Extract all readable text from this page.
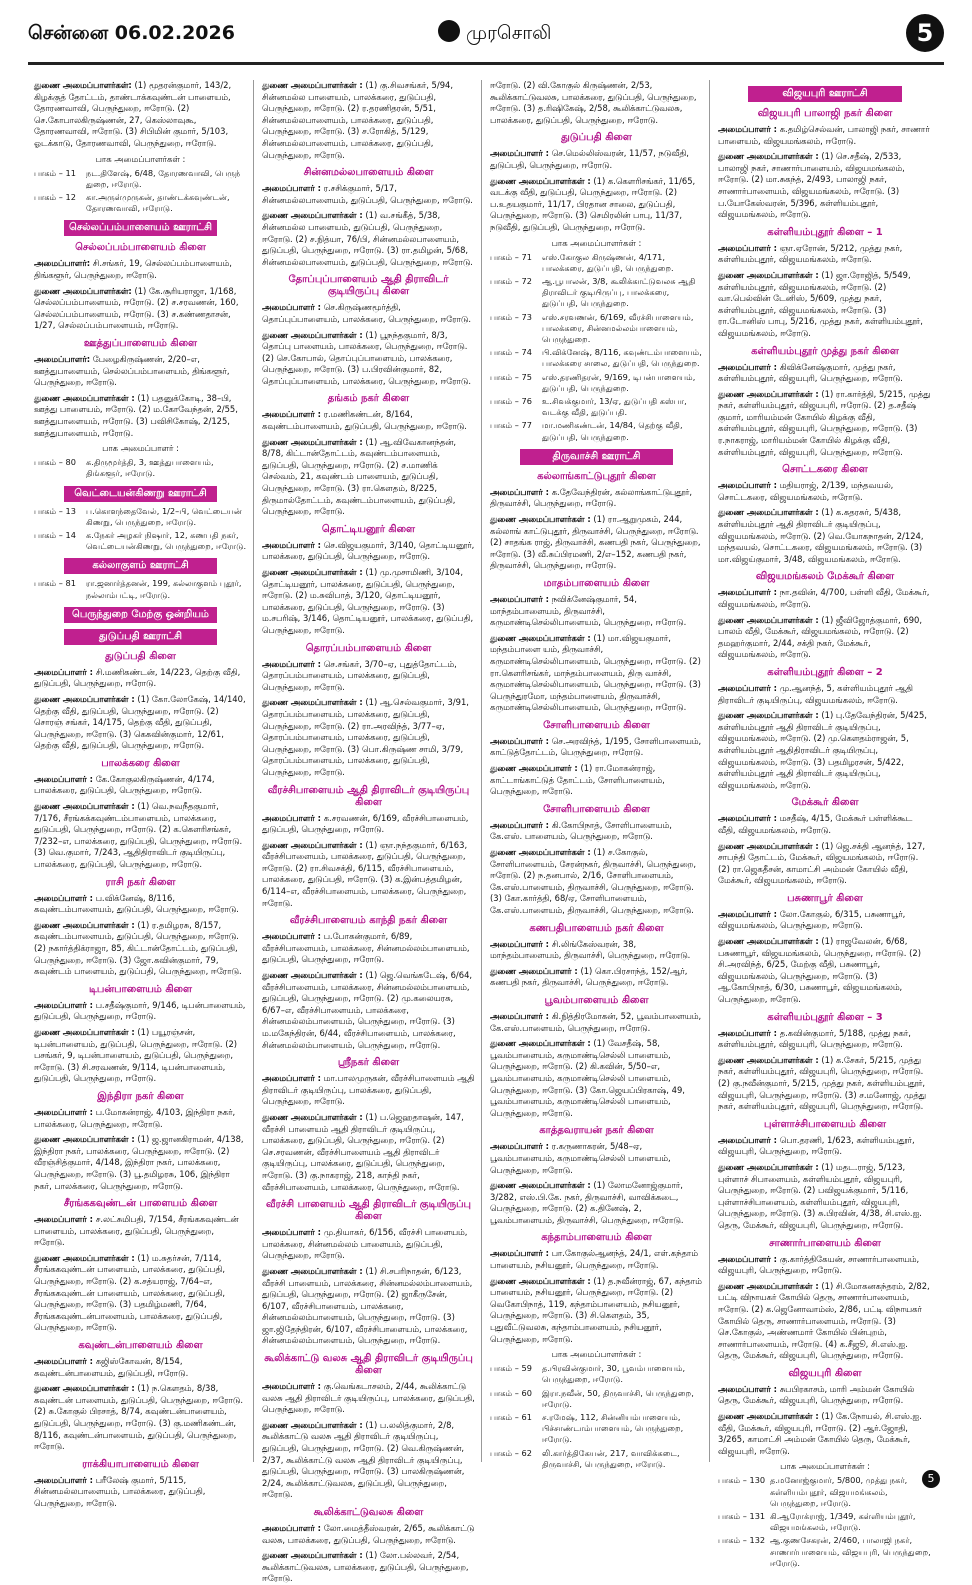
சென்னை 06.02.2026	முரசொலி	5
துணை அமைப்பாளர்கள்: (1) மூதரன்குமார், 143/2, கிழக்குத் தோட்டம், தாண்டாக்கவுண்டன் பாளையம், தோரணவாவி, பெருந்துறை, ஈரோடு. (2) செ.கோபாலகிருஷ்ணன், 27, கெஸ்லாவுகூ, தோரணவாவி, ஈரோடு. (3) சிபிமின் குமார், 5/103, ஓடக்காடு, தோரணவாவி, பெருந்துறை, ஈரோடு.
பாக அமைப்பாளர்கள் :
பாகம் – 11	நட.திளேஷ், 6/48, தோரணவாவி, பெருந் துறை, ஈரோடு.
பாகம் – 12	கா.அருள்முருகன், தாண்டக்கவுண்டன், தோரணவாவி, ஈரோடு.
செல்லப்பம்பாளையம் ஊராட்சி
செல்லப்பம்பாளையம் கிளை
அமைப்பாளர்: சி.சங்கர், 19, செல்லப்பம்பாளையம், திங்களூர், பெருந்துறை, ஈரோடு.
துணை அமைப்பாளர்கள்: (1) கே.சூரியராஜா, 1/168, செல்லப்பம்பாளையம், ஈரோடு. (2) ச.சரவணன், 160, செல்லப்பம்பாளையம், ஈரோடு. (3) ச.கண்ணதாசன், 1/27, செல்லப்பம்பாளையம், ஈரோடு.
ஊத்துப்பாளையம் கிளை
அமைப்பாளர்: பேழைகிருஷ்ணன், 2/20–எ, ஊத்துபாளையம், செல்லப்பம்பாளையம், திங்களூர், பெருந்துறை, ஈரோடு.
துணை அமைப்பாளர்கள் : (1) பதனுக்கோடி, 38–பி, ஊத்து பாளையம், ஈரோடு. (2) ம.கோவேந்தன், 2/55, ஊத்துபாளையம், ஈரோடு. (3) பவிசிகோஷ், 2/125, ஊத்துபாளையம், ஈரோடு.
பாக அமைப்பாளர் :
பாகம் – 80	க.திருமூர்த்தி, 3, ஊத்துபாளையம், திங்களூர், ஈரோடு.
வெட்டையன்கிணறு ஊராட்சி
பாகம் – 13	ப.கொளந்தைவேல், 1/2–பி, வெட்டையன் கிணறு, பெருந்துறை, ஈரோடு.
பாகம் – 14	க.நேகர் அழகர் நிஷார், 12, கணபதி நகர், வெட்டையன்கிணறு, பெருந்துறை, ஈரோடு.
கல்லாகுளம் ஊராட்சி
பாகம் – 81	ரா.ஜனார்த்தனன், 199, கல்லாகுளம் புதூர், நல்லாம்பட்டி, ஈரோடு.
பெருந்துறை மேற்கு ஒன்றியம்
துடுப்பதி ஊராட்சி
துடுப்பதி கிளை
அமைப்பாளர் : சி.மணிகண்டன், 14/223, தெற்கு வீதி, துடுப்பதி, பெருந்துறை, ஈரோடு.
துணை அமைப்பாளர்கள் : (1) கோ.லோகேஷ், 14/140, தெற்கு வீதி, துடுப்பதி, பெருந்துறை, ஈரோடு. (2) சொரஞ் சங்கர், 14/175, தெற்கு வீதி, துடுப்பதி, பெருந்துறை, ஈரோடு. (3) கெகவின்குமார், 12/61, தெற்கு வீதி, துடுப்பதி, பெருந்துறை, ஈரோடு.
பாலக்கரை கிளை
அமைப்பாளர் : கே.கோகுலகிருஷ்ணன், 4/174, பாலக்கரை, துடுப்பதி, பெருந்துறை, ஈரோடு.
துணை அமைப்பாளர்கள் : (1) வெ.நவநீதகுமார், 7/176, சீரங்கக்கவுண்டம்பாளையம், பாலக்கரை, துடுப்பதி, பெருந்துறை, ஈரோடு. (2) க.கௌரிசங்கர், 7/232–எ, பாலக்கரை, துடுப்பதி, பெருந்துறை, ஈரோடு. (3) வெ.குமார், 7/243, ஆதிதிராவிடர் குடியிருப்பு, பாலக்கரை, துடுப்பதி, பெருந்துறை, ஈரோடு.
ராசி நகர் கிளை
அமைப்பாளர் : ப.விக்னேஷ், 8/116, கவுண்டம்பாளையம், துடுப்பதி, பெருந்துறை, ஈரோடு.
துணை அமைப்பாளர்கள் : (1) ர.தமிழரசு, 8/157, கவுண்டம்பாளையம், துடுப்பதி, பெருந்துறை, ஈரோடு. (2) நகார்த்திக்ராஜா, 85, கிட்டான்தோட்டம், துடுப்பதி, பெருந்துறை, ஈரோடு. (3) ஜோ.கவின்குமார், 79, கவுண்டம் பாளையம், துடுப்பதி, பெருந்துறை, ஈரோடு.
டிபன்பாளையம் கிளை
அமைப்பாளர் : ப.சதீஷ்குமார், 9/146, டிபன்பாளையம், துடுப்பதி, பெருந்துறை, ஈரோடு.
துணை அமைப்பாளர்கள் : (1) பயூரஞ்சன், டிபன்பாளையம், துடுப்பதி, பெருந்துறை, ஈரோடு. (2) பசங்கர், 9, டிபன்பாளையம், துடுப்பதி, பெருந்துறை, ஈரோடு. (3) சி.சரவணன், 9/114, டிபன்பாளையம், துடுப்பதி, பெருந்துறை, ஈரோடு.
இந்திரா நகர் கிளை
அமைப்பாளர் : ப.மோகன்ராஜ், 4/103, இந்திரா நகர், பாலக்கரை, பெருந்துறை, ஈரோடு.
துணை அமைப்பாளர்கள் : (1) ஜ.ஜானகிராமன், 4/138, இந்திரா நகர், பாலக்கரை, பெருந்துறை, ஈரோடு. (2) வீரஞ்சித்குமார், 4/148, இந்திரா நகர், பாலக்கரை, பெருந்துறை, ஈரோடு. (3) பூ.தமிழரசு, 106, இந்திரா நகர், பாலக்கரை, பெருந்துறை, ஈரோடு.
சீரங்ககவுண்டன் பாளையம் கிளை
அமைப்பாளர் : ச.லட்சுமிபதி, 7/154, சீரங்ககவுண்டன் பாளையம், பாலக்கரை, துடுப்பதி, பெருந்துறை, ஈரோடு.
துணை அமைப்பாளர்கள் : (1) ம.சுதர்சன், 7/114, சீரங்ககவுண்டன் பாளையம், பாலக்கரை, துடுப்பதி, பெருந்துறை, ஈரோடு. (2) க.சத்யராஜ், 7/64–எ, சீரங்ககவுண்டன் பாளையம், பாலக்கரை, துடுப்பதி, பெருந்துறை, ஈரோடு. (3) பதமிழ்மணி, 7/64, சீரங்ககவுண்டன்பாளையம், பாலக்கரை, துடுப்பதி, பெருந்துறை, ஈரோடு.
கவுண்டன்பாளையம் கிளை
அமைப்பாளர் : கஜிஸ்கோவன், 8/154, கவுண்டன்பாளையம், துடுப்பதி, ஈரோடு.
துணை அமைப்பாளர்கள் : (1) ந.கௌதம், 8/38, கவுண்டன் பாளையம், துடுப்பதி, பெருந்துறை, ஈரோடு. (2) சு.கோகுல் பிரசாத், 8/74, கவுண்டன்பாளையம், துடுப்பதி, பெருந்துறை, ஈரோடு. (3) கு.மணிகண்டன், 8/116, கவுண்டன்பாளையம், துடுப்பதி, பெருந்துறை, ஈரோடு.
ராக்கியாபாளையம் கிளை
அமைப்பாளர் : பரீலேஷ் குமார், 5/115, சின்னமல்லபாளையம், பாலக்கரை, துடுப்பதி, பெருந்துறை, ஈரோடு.
துணை அமைப்பாளர்கள் : (1) கு.சிவசங்கர், 5/94, சின்னமல்ல பாளையம், பாலக்கரை, துடுப்பதி, பெருந்துறை, ஈரோடு. (2) ர.தரணிதரன், 5/51, சின்னமல்லபாளையம், பாலக்கரை, துடுப்பதி, பெருந்துறை, ஈரோடு. (3) ச.ரோகித், 5/129, சின்னமல்லபாளையம், பாலக்கரை, துடுப்பதி, பெருந்துறை, ஈரோடு.
சின்னமல்லபாளையம் கிளை
அமைப்பாளர் : ர.சசிக்குமார், 5/17, சின்னமல்லபாளையம், துடுப்பதி, பெருந்துறை, ஈரோடு.
துணை அமைப்பாளர்கள் : (1) வ.சங்கீத், 5/38, சின்னமல்ல பாளையம், துடுப்பதி, பெருந்துறை, ஈரோடு. (2) ச.நித்யா, 76/பி, சின்னமல்லபாளையம், துடுப்பதி, பெருந்துறை, ஈரோடு. (3) ரா.தமிழன், 5/68, சின்னமல்லபாளையம், துடுப்பதி, பெருந்துறை, ஈரோடு.
தோப்புப்பாளையம் ஆதி திராவிடர் குடியிருப்பு கிளை
அமைப்பாளர் : செ.கிருஷ்ணமூர்த்தி, தொப்புப்பாளையம், பாலக்கரை, பெருந்துறை, ஈரோடு.
துணை அமைப்பாளர்கள் : (1) பூநந்தகுமார், 8/3, தொப்பு பாளையம், பாலக்கரை, பெருந்துறை, ஈரோடு. (2) செ.கோபால், தொப்புப்பாளையம், பாலக்கரை, பெருந்துறை, ஈரோடு. (3) ப.பிரவின்குமார், 82, தொப்புப்பாளையம், பாலக்கரை, பெருந்துறை, ஈரோடு.
தங்கம் நகர் கிளை
அமைப்பாளர் : ர.மணிகண்டன், 8/164, கவுண்டம்பாளையம், துடுப்பதி, பெருந்துறை, ஈரோடு.
துணை அமைப்பாளர்கள் : (1) ஆ.விவேகானந்தன், 8/78, கிட்டான்தோட்டம், கவுண்டம்பாளையம், துடுப்பதி, பெருந்துறை, ஈரோடு. (2) ச.மாணிக் செல்வம், 21, கவுண்டம் பாளையம், துடுப்பதி, பெருந்துறை, ஈரோடு. (3) ரா.கௌதம், 8/225, திருமால்தோட்டம், கவுண்டம்பாளையம், துடுப்பதி, பெருந்துறை, ஈரோடு.
தொட்டியனூர் கிளை
அமைப்பாளர் : செ.விஜயகுமார், 3/140, தொட்டியனூர், பாலக்கரை, துடுப்பதி, பெருந்துறை, ஈரோடு.
துணை அமைப்பாளர்கள் : (1) மு.முசாமிணி, 3/104, தொட்டியனூர், பாலக்கரை, துடுப்பதி, பெருந்துறை, ஈரோடு. (2) ம.சுவிபாத், 3/120, தொட்டியனூர், பாலக்கரை, துடுப்பதி, பெருந்துறை, ஈரோடு. (3) ம.சபரிஷ், 3/146, தொட்டியனூர், பாலக்கரை, துடுப்பதி, பெருந்துறை, ஈரோடு.
தொரப்பம்பாளையம் கிளை
அமைப்பாளர் : செ.சங்கர், 3/70–ஏ, புதுத்தோட்டம், தொரப்பம்பாளையம், பாலக்கரை, துடுப்பதி, பெருந்துறை, ஈரோடு.
துணை அமைப்பாளர்கள் : (1) ஆ.செல்வகுமார், 3/91, தொரப்பம்பாளையம், பாலக்கரை, துடுப்பதி, பெருந்துறை, ஈரோடு. (2) ரா.அரவிந்த், 3/77–ஏ, தொரப்பம்பாளையம், பாலக்கரை, துடுப்பதி, பெருந்துறை, ஈரோடு. (3) பொ.கிருஷ்ண சாமி, 3/79, தொரப்பம்பாளையம், பாலக்கரை, துடுப்பதி, பெருந்துறை, ஈரோடு.
வீரச்சிபாளையம் ஆதி திராவிடர் குடியிருப்பு கிளை
அமைப்பாளர் : க.சரவணன், 6/169, வீரச்சிபாளையம், துடுப்பதி, பெருந்துறை, ஈரோடு.
துணை அமைப்பாளர்கள் : (1) ஞா.நந்தகுமார், 6/163, வீரச்சிபாளையம், பாலக்கரை, துடுப்பதி, பெருந்துறை, ஈரோடு. (2) ரா.சிவசக்தி, 6/115, வீரச்சிபாளையம், பாலக்கரை, துடுப்பதி, ஈரோடு. (3) க.இன்பத்தமிழன், 6/114–எ, வீரச்சிபாளையம், பாலக்கரை, பெருந்துறை, ஈரோடு.
வீரச்சிபாளையம் காந்தி நகர் கிளை
அமைப்பாளர் : ப.போகன்குமார், 6/89, வீரச்சிபாளையம், பாலக்கரை, சின்னமல்லம்பாளையம், துடுப்பதி, பெருந்துறை, ஈரோடு.
துணை அமைப்பாளர்கள் : (1) ஜெ.வெங்கடேஷ், 6/64, வீரச்சிபாளையம், பாலக்கரை, சின்னமல்லம்பாளையம், துடுப்பதி, பெருந்துறை, ஈரோடு. (2) மு.கலையரசு, 6/67–எ, வீரச்சிபாளையம், பாலக்கரை, சின்னமல்லம்பாளையம், பெருந்துறை, ஈரோடு. (3) ம.மகேந்திரன், 6/44, வீரச்சிபாளையம், பாலக்கரை, சின்னமல்லம்பாளையம், பெருந்துறை, ஈரோடு.
ஸ்ரீநகர் கிளை
அமைப்பாளர் : மா.பாலமுருகன், வீரச்சிபாளையம் ஆதி திராவிடர் குடியிருப்பு, பாலக்கரை, துடுப்பதி, பெருந்துறை, ஈரோடு.
துணை அமைப்பாளர்கள் : (1) ப.ஜெஹதாஷன், 147, வீரச்சி பாளையம் ஆதி திராவிடர் குடியிருப்பு, பாலக்கரை, துடுப்பதி, பெருந்துறை, ஈரோடு. (2) செ.சரவணன், வீரச்சிபாளையம் ஆதி திராவிடர் குடியிருப்பு, பாலக்கரை, துடுப்பதி, பெருந்துறை, ஈரோடு. (3) கு.நாகராஜ், 218, காந்தி நகர், வீரச்சிபாளையம், பாலக்கரை, பெருந்துறை, ஈரோடு.
வீரச்சி பாளையம் ஆதி திராவிடர் குடியிருப்பு கிளை
அமைப்பாளர் : மு.தியாகர், 6/156, வீரச்சி பாளையம், பாலக்கரை, சின்னமல்லம் பாளையம், துடுப்பதி, பெருந்துறை, ஈரோடு.
துணை அமைப்பாளர்கள் : (1) சி.சபரிநாதன், 6/123, வீரச்சி பாளையம், பாலக்கரை, சின்னமல்லம்பாளையம், துடுப்பதி, பெருந்துறை, ஈரோடு. (2) ஜாகீருசேன், 6/107, வீரச்சிபாளையம், பாலக்கரை, சின்னமல்லம்பாளையம், பெருந்துறை, ஈரோடு. (3) ஜா.ஜிதேந்திரன், 6/107, வீரச்சிபாளையம், பாலக்கரை, சின்னமல்லம்பாளையம், பெருந்துறை, ஈரோடு.
கூலிக்காட்டு வலசு ஆதி திராவிடர் குடியிருப்பு கிளை
அமைப்பாளர் : கு.வெங்கடாசலம், 2/44, கூலிக்காட்டு வலசு ஆதி திராவிடர் குடியிருப்பு, பாலக்கரை, துடுப்பதி, பெருந்துறை, ஈரோடு.
துணை அமைப்பாளர்கள் : (1) ப.லலித்குமார், 2/8, கூலிக்காட்டு வலசு ஆதி திராவிடர் குடியிருப்பு, துடுப்பதி, பெருந்துறை, ஈரோடு. (2) வெ.கிருஷ்ணன், 2/37, கூலிக்காட்டு வலசு ஆதி திராவிடர் குடியிருப்பு, துடுப்பதி, பெருந்துறை, ஈரோடு. (3) பாலகிருஷ்ணன், 2/24, கூலிக்காட்டுவலசு, துடுப்பதி, பெருந்துறை, ஈரோடு.
கூலிக்காட்டுவலசு கிளை
அமைப்பாளர் : லோ.மைத்தீஸ்வரன், 2/65, கூலிக்காட்டு வலசு, பாலக்கரை, துடுப்பதி, பெருந்துறை, ஈரோடு.
துணை அமைப்பாளர்கள் : (1) லோ.பல்லவர், 2/54, கூலிக்காட்டுவலசு, பாலக்கரை, துடுப்பதி, பெருந்துறை, ஈரோடு.
ஈரோடு. (2) வி.கோகுல் கிருஷ்ணன், 2/53, கூலிக்காட்டுவலசு, பாலக்கரை, துடுப்பதி, பெருந்துறை, ஈரோடு. (3) த.ரிஷிகேஷ், 2/58, கூலிக்காட்டுவலசு, பாலக்கரை, துடுப்பதி, பெருந்துறை, ஈரோடு.
துடுப்பதி கிளை
அமைப்பாளர் : செ.மெல்லிஸ்வரன், 11/57, நடுவீதி, துடுப்பதி, பெருந்துறை, ஈரோடு.
துணை அமைப்பாளர்கள் : (1) க.கௌரிசங்கர், 11/65, வடக்கு வீதி, துடுப்பதி, பெருந்துறை, ஈரோடு. (2) ப.உதயகுமார், 11/17, பிரதான சாலை, துடுப்பதி, பெருந்துறை, ஈரோடு. (3) செமிரலின் பாபு, 11/37, நடுவீதி, துடுப்பதி, பெருந்துறை, ஈரோடு.
பாக அமைப்பாளர்கள் :
பாகம் – 71	எஸ்.கோகுல கிருஷ்ணன், 4/171, பாலக்கரை, துடுப்பதி, பெருந்துறை.
பாகம் – 72	ஆ.பூபாலன், 3/8, கூலிக்காட்டுவலசு ஆதி திராவிடர் குடியிருப்பு, பாலக்கரை, துடுப்பதி, பெருந்துறை.
பாகம் – 73	எஸ்.சரவணன், 6/169, வீரச்சிபாளையம், பாலக்கரை, சின்னமல்லம்பாளையம், பெருந்துறை.
பாகம் – 74	பி.விக்னேஷ், 8/116, கவுண்டம்பாளையம், பாலக்கரை சாலை, துடுப்பதி, பெருந்துறை.
பாகம் – 75	எஸ்.தரணிதரன், 9/169, டிபன்பாளையம், துடுப்பதி, பெருந்துறை.
பாகம் – 76	உ.சிவக்குமார், 13/ஏ, துடுப்பதி கஸ்பா, வடக்கு வீதி, துடுப்பதி.
பாகம் – 77	மா.மணிகண்டன், 14/84, தெற்கு வீதி, துடுப்பதி, பெருந்துறை.
திருவாச்சி ஊராட்சி
கல்லாங்காட்டுபுதூர் கிளை
அமைப்பாளர் : க.தேவேந்திரன், கல்லாங்காட்டுபுதூர், திருவாச்சி, பெருந்துறை, ஈரோடு.
துணை அமைப்பாளர்கள் : (1) ரா.ஆறுமுகம், 244, கல்லாங் காட்டுபுதூர், திருவாச்சி, பெருந்துறை, ஈரோடு. (2) சாதங்க ராஜ், திருவாச்சி, கணபதி நகர், பெருந்துறை, ஈரோடு. (3) வீ.சுப்பிரமணி, 2/எ–152, கணபதி நகர், திருவாச்சி, பெருந்துறை, ஈரோடு.
மாதம்பாளையம் கிளை
அமைப்பாளர் : நவிக்னேஷ்குமார், 54, மாந்தம்பாளையம், திருவாச்சி, கருமாண்டிசெல்லிபாளையம், பெருந்துறை, ஈரோடு.
துணை அமைப்பாளர்கள் : (1) மா.விஜயகுமார், மந்தம்பாளை யம், திருவாச்சி, கருமாண்டிசெல்லிபாளையம், பெருந்துறை, ஈரோடு. (2) ரா.கௌரிசங்கர், மாந்தம்பாளையம், திரு வாச்சி, கருமாண்டிசெல்லிபாளையம், பெருந்துறை, ஈரோடு. (3) பெருந்துரமோ, மந்தம்பாளையம், திருவாச்சி, கருமாண்டிசெல்லிபாளையம், பெருந்துறை, ஈரோடு.
சோளிபாளையம் கிளை
அமைப்பாளர் : செ.அரவிந்த், 1/195, சோளிபாளையம், காட்டுத்தோட்டம், பெருந்துறை, ஈரோடு.
துணை அமைப்பாளர் : (1) ரா.மோகன்ராஜ், காட்டாங்காட்டுத் தோட்டம், சோளிபாளையம், பெருந்துறை, ஈரோடு.
சோளிபாளையம் கிளை
அமைப்பாளர் : கி.கோபிநாத், சோளிபாளையம், கே.எஸ். பாளையம், பெருந்துறை, ஈரோடு.
துணை அமைப்பாளர்கள் : (1) ச.கோகுல், சோளிபாளையம், சேரன்நகர், திருவாச்சி, பெருந்துறை, ஈரோடு. (2) ந.தனபால், 2/16, சோளிபாளையம், கே.எஸ்.பாளையம், திருவாச்சி, பெருந்துறை, ஈரோடு. (3) கோ.கார்த்தி, 68/ஏ, சோளிபாளையம், கே.எஸ்.பாளையம், திருவாச்சி, பெருந்துறை, ஈரோடு.
கணபதிபாளையம் நகர் கிளை
அமைப்பாளர் : சி.லிங்கேஸ்வரன், 38, மாந்தம்பாளையம், திருவாச்சி, பெருந்துறை, ஈரோடு.
துணை அமைப்பாளர் : (1) கொ.பிரசாந்த், 152/ஆர், கணபதி நகர், திருவாச்சி, பெருந்துறை, ஈரோடு.
பூவம்பாளையம் கிளை
அமைப்பாளர் : கி.நித்திரமோகன், 52, பூவம்பாளையம், கே.எஸ்.பாளையம், பெருந்துறை, ஈரோடு.
துணை அமைப்பாளர்கள் : (1) வேசதீஷ், 58, பூவம்பாளையம், கருமாண்டிசெல்லி பாளையம், பெருந்துறை, ஈரோடு. (2) கி.கவின், 5/50–எ, பூவம்பாளையம், கருமாண்டிசெல்லி பாளையம், பெருந்துறை, ஈரோடு. (3) கோ.ஜெயப்பிரகாஷ், 49, பூவம்பாளையம், கருமாண்டிசெல்லி பாளையம், பெருந்துறை, ஈரோடு.
காத்தவராயன் நகர் கிளை
அமைப்பாளர் : ர.கருணாகரன், 5/48–ஏ, பூவம்பாளையம், கருமாண்டிசெல்லி பாளையம், பெருந்துறை, ஈரோடு.
துணை அமைப்பாளர்கள் : (1) லோமனோஜ்குமார், 3/282, எஸ்.பி.கே. நகர், திருவாச்சி, வாவிக்கடை, பெருந்துறை, ஈரோடு. (2) க.தினேஷ், 2, பூவம்பாளையம், திருவாச்சி, பெருந்துறை, ஈரோடு.
கந்தாம்பாளையம் கிளை
அமைப்பாளர் : பா.கோகுல்ஆனந்த், 24/1, எள்.கந்தாம் பாளையம், நசியனூர், பெருந்துறை, ஈரோடு.
துணை அமைப்பாளர்கள் : (1) த.நவீன்ராஜ், 67, கந்தாம் பாளையம், நசியனூர், பெருந்துறை, ஈரோடு. (2) வெகோபிநாத், 119, கந்தாம்பாளையம், நசியனூர், பெருந்துறை, ஈரோடு. (3) சி.கௌதம், 35, புதுவீட்டுவலசு, கந்தாம்பாளையம், நசியனூர், பெருந்துறை, ஈரோடு.
பாக அமைப்பாளர்கள் :
பாகம் – 59	த.பிரவின்குமார், 30, பூவம்பாளையம், பெருந்துறை, ஈரோடு.
பாகம் – 60	இரா.நவீன், 50, திருவாச்சி, பெருந்துறை, ஈரோடு.
பாகம் – 61	ச.ரமேஷ், 112, சின்னியம்பாளையம், பிச்சாண்டாம்பாளையம், பெருந்துறை, ஈரோடு.
பாகம் – 62	லி.கார்த்திகேயன், 217, வாவிக்கடை, திருவாச்சி, பெருந்துறை, ஈரோடு.
விஜயபுரி ஊராட்சி
விஜயபுரி பாலாஜி நகர் கிளை
அமைப்பாளர் : க.தமிழ்செல்வன், பாலாஜி நகர், சாணார் பாளையம், விஜயமங்கலம், ஈரோடு.
துணை அமைப்பாளர்கள் : (1) செ.சதீஷ், 2/533, பாலாஜி நகர், சாணார்பாளையம், விஜயமங்கலம், ஈரோடு. (2) மா.சுகந்த், 2/493, பாலாஜி நகர், சாணார்பாளையம், விஜயமங்கலம், ஈரோடு. (3) ப.யோகேஸ்வரன், 5/396, கள்ளியம்புதூர், விஜயமங்கலம், ஈரோடு.
கள்ளியம்புதூர் கிளை – 1
அமைப்பாளர் : ஞா.ஏரோன், 5/212, முத்து நகர், கள்ளியம்புதூர், விஜயமங்கலம், ஈரோடு.
துணை அமைப்பாளர்கள் : (1) ஜா.ரோஜித், 5/549, கள்ளியம்புதூர், விஜயமங்கலம், ஈரோடு. (2) வா.பெல்வின் டேனிஸ், 5/609, முத்து நகர், கள்ளியம்புதூர், விஜயமங்கலம், ஈரோடு. (3) ரா.டோனிஸ் பாபு, 5/216, முத்து நகர், கள்ளியம்புதூர், விஜயமங்கலம், ஈரோடு.
கள்ளியம்புதூர் முத்து நகர் கிளை
அமைப்பாளர் : கிவிக்னேஷ்குமார், முத்து நகர், கள்ளியம்புதூர், விஜயபுரி, பெருந்துறை, ஈரோடு.
துணை அமைப்பாளர்கள் : (1) ரா.கார்த்தி, 5/215, முத்து நகர், கள்ளியம்புதூர், விஜயபுரி, ஈரோடு. (2) த.சதீஷ் குமார், மாரியம்மன் கோயில் கிழக்கு வீதி, கள்ளியம்புதூர், விஜயபுரி, பெருந்துறை, ஈரோடு. (3) ர.நாகராஜ், மாரியம்மன் கோயில் கிழக்கு வீதி, கள்ளியம்புதூர், விஜயபுரி, பெருந்துறை, ஈரோடு.
சொட்டகரை கிளை
அமைப்பாளர் : மதியராஜ், 2/139, மந்தவயல், சொட்டகரை, விஜயமங்கலம், ஈரோடு.
துணை அமைப்பாளர்கள் : (1) க.கதரசுர், 5/438, கள்ளியம்புதூர் ஆதி திராவிடர் குடியிருப்பு, விஜயமங்கலம், ஈரோடு. (2) வெ.யோகநாதன், 2/124, மந்தவயல், சொட்டகரை, விஜயமங்கலம், ஈரோடு. (3) மா.விஜய்குமார், 3/48, விஜயமங்கலம், ஈரோடு.
விஜயமங்கலம் மேக்கூர் கிளை
அமைப்பாளர் : நா.தவின், 4/700, பள்ளி வீதி, மேக்கூர், விஜயமங்கலம், ஈரோடு.
துணை அமைப்பாளர்கள் : (1) ஜீவிஜோத்குமார், 690, பாலம் வீதி, மேக்கூர், விஜயமங்கலம், ஈரோடு. (2) தமஹர்குமார், 2/44, சக்தி நகர், மேக்கூர், விஜயமங்கலம், ஈரோடு.
கள்ளியம்புதூர் கிளை – 2
அமைப்பாளர் : மு.ஆனந்த், 5, கள்ளியம்புதூர் ஆதி திராவிடர் குடியிருப்பு, விஜயமங்கலம், ஈரோடு.
துணை அமைப்பாளர்கள் : (1) பு.தேவேந்திரன், 5/425, கள்ளியம்புதூர் ஆதி திராவிடர் குடியிருப்பு, விஜயமங்கலம், ஈரோடு. (2) மு.கௌதம்ராஜன், 5, கள்ளியம்புதூர் ஆதிதிராவிடர் குடியிருப்பு, விஜயமங்கலம், ஈரோடு. (3) பதமிழரசன், 5/422, கள்ளியம்புதூர் ஆதி திராவிடர் குடியிருப்பு, விஜயமங்கலம், ஈரோடு.
மேக்கூர் கிளை
அமைப்பாளர் : மசதீஷ், 4/15, மேக்கூர் பள்ளிக்கூட வீதி, விஜயமங்கலம், ஈரோடு.
துணை அமைப்பாளர்கள் : (1) ஜெ.சக்தி ஆனந்த், 127, சாபந்தி தோட்டம், மேக்கூர், விஜயமங்கலம், ஈரோடு. (2) ரா.ஜெகதீசன், காமாட்சி அம்மன் கோயில் வீதி, மேக்கூர், விஜயமங்கலம், ஈரோடு.
பசுணாபூர் கிளை
அமைப்பாளர் : லோ.கோகுல், 6/315, பசுணாபூர், விஜயமங்கலம், பெருந்துறை, ஈரோடு.
துணை அமைப்பாளர்கள் : (1) ராஜவேலன், 6/68, பசுணாபூர், விஜயமங்கலம், பெருந்துறை, ஈரோடு. (2) சி.அரவிந்த், 6/25, மேற்கு வீதி, பசுணாபூர், விஜயமங்கலம், பெருந்துறை, ஈரோடு. (3) ஆ.கோபிநாத், 6/30, பசுணாபூர், விஜயமங்கலம், பெருந்துறை, ஈரோடு.
கள்ளியம்புதூர் கிளை – 3
அமைப்பாளர் : த.கவின்குமார், 5/188, முத்து நகர், கள்ளியம்புதூர், விஜயபுரி, பெருந்துறை, ஈரோடு.
துணை அமைப்பாளர்கள் : (1) க.சேகர், 5/215, முத்து நகர், கள்ளியம்புதூர், விஜயபுரி, பெருந்துறை, ஈரோடு. (2) கு.நவீன்குமார், 5/215, முத்து நகர், கள்ளியம்புதூர், விஜயபுரி, பெருந்துறை, ஈரோடு. (3) ச.மனோஜ், முத்து நகர், கள்ளியம்புதூர், விஜயபுரி, பெருந்துறை, ஈரோடு.
புள்ளாச்சிபாளையம் கிளை
அமைப்பாளர் : பொ.தரணி, 1/623, கள்ளியம்புதூர், விஜயபுரி, பெருந்துறை, ஈரோடு.
துணை அமைப்பாளர்கள் : (1) மதட.ராஜ், 5/123, புள்ளாச் சிபாளையம், கள்ளியம்புதூர், விஜயபுரி, பெருந்துறை, ஈரோடு. (2) பவிஜயக்குமார், 5/116, புள்ளாச்சிபாளையம், கள்ளியம்புதூர், விஜயபுரி, பெருந்துறை, ஈரோடு. (3) சு.பிரவின், 4/38, சி.எஸ்.ஐ. தெரு, மேக்கூர், விஜயபுரி, பெருந்துறை, ஈரோடு.
சாணார்பாளையம் கிளை
அமைப்பாளர் : கு.கார்த்திகேயன், சாணார்பாளையம், விஜயபுரி, பெருந்துறை, ஈரோடு.
துணை அமைப்பாளர்கள் : (1) சி.மோகனகந்தரம், 2/82, பட்டி விநாயகர் கோயில் தெரு, சாணார்பாளையம், ஈரோடு. (2) க.ஜெனோவாம்ஸ், 2/86, பட்டி விநாயகர் கோயில் தெரு, சாணார்பாளையம், ஈரோடு. (3) செ.கோகுல், அண்ணமார் கோயில் பின்புறம், சாணார்பாளையம், ஈரோடு. (4) க.சீஜூ, சி.எஸ்.ஐ. தெரு, மேக்கூர், விஜயபுரி, பெருந்துறை, ஈரோடு.
விஜயபுரி கிளை
அமைப்பாளர் : சுபபிரகாசம், மாரி அம்மன் கோயில் தெரு, மேக்கூர், விஜயபுரி, பெருந்துறை, ஈரோடு.
துணை அமைப்பாளர்கள் : (1) கே.நோயல், சி.எஸ்.ஐ. வீதி, மேக்கூர், விஜயபுரி, ஈரோடு. (2) ஆர்.ஜோதி, 3/265, காமாட்சி அம்மன் கோயில் தெரு, மேக்கூர், விஜயபுரி, ஈரோடு.
பாக அமைப்பாளர்கள் :
பாகம் – 130 த.மனோஜ்குமார், 5/800, முத்து நகர், கள்ளியம்புதூர், விஜயமங்கலம், பெருந்துறை, ஈரோடு.
பாகம் – 131 கி.ஆரோக்ராஜ், 1/349, கள்ளியம்புதூர், விஜயமங்கலம், ஈரோடு.
பாகம் – 132 ஆ.குணசேகரன், 2/460, பாலாஜி நகர், சாணார்பாளையம், விஜயபுரி, பெருந்துறை, ஈரோடு.
5
